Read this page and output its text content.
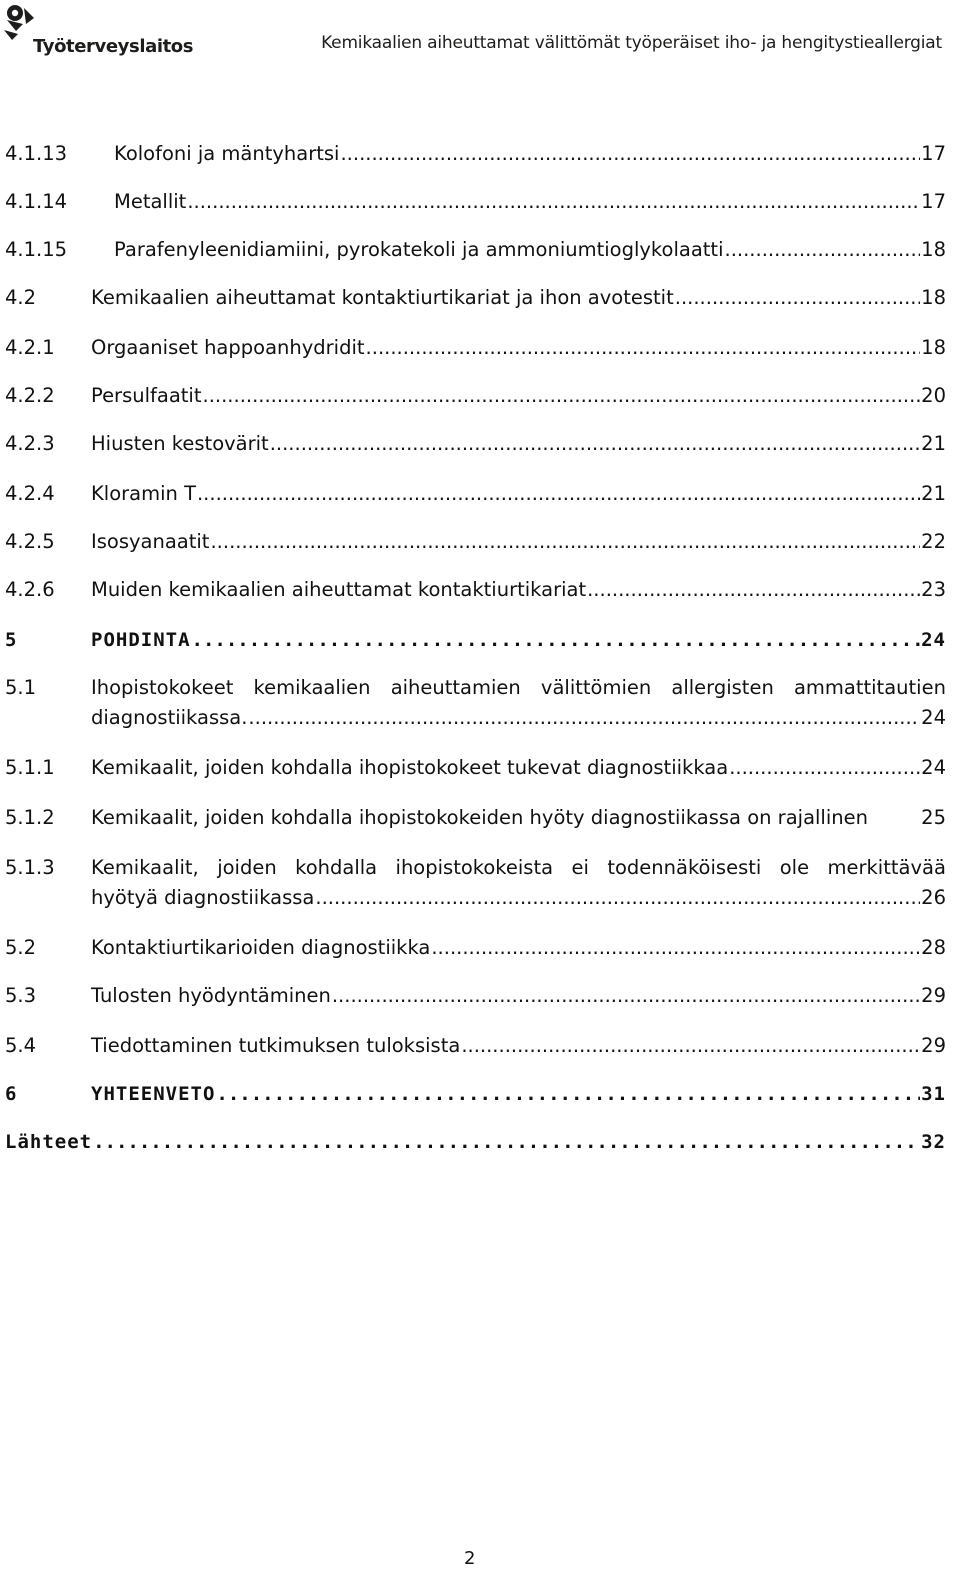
Työterveyslaitos	Kemikaalien aiheuttamat välittömät työperäiset iho- ja hengitystieallergiat
4.1.13 Kolofoni ja mäntyhartsi .....	17
4.1.14 Metallit .....	17
4.1.15 Parafenyleenidiamiini, pyrokatekoli ja ammoniumtioglykolaatti .....	18
4.2	Kemikaalien aiheuttamat kontaktiurtikariat ja ihon avotestit .....	18
4.2.1 Orgaaniset happoanhydridit .....	18
4.2.2 Persulfaatit .....	20
4.2.3 Hiusten kestovärit .....	21
4.2.4 Kloramin T .....	21
4.2.5 Isosyanaatit .....	22
4.2.6 Muiden kemikaalien aiheuttamat kontaktiurtikariat .....	23
5	POHDINTA .....	24
5.1	Ihopistokokeet kemikaalien aiheuttamien välittömien allergisten ammattitautien
diagnostiikassa. .....	24
5.1.1 Kemikaalit, joiden kohdalla ihopistokokeet tukevat diagnostiikkaa .....	24
5.1.2 Kemikaalit, joiden kohdalla ihopistokokeiden hyöty diagnostiikassa on rajallinen	25
5.1.3 Kemikaalit, joiden kohdalla ihopistokokeista ei todennäköisesti ole merkittävää
hyötyä diagnostiikassa .....	26
5.2	Kontaktiurtikarioiden diagnostiikka .....	28
5.3	Tulosten hyödyntäminen .....	29
5.4	Tiedottaminen tutkimuksen tuloksista .....	29
6	YHTEENVETO .....	31
Lähteet .....	32
2
